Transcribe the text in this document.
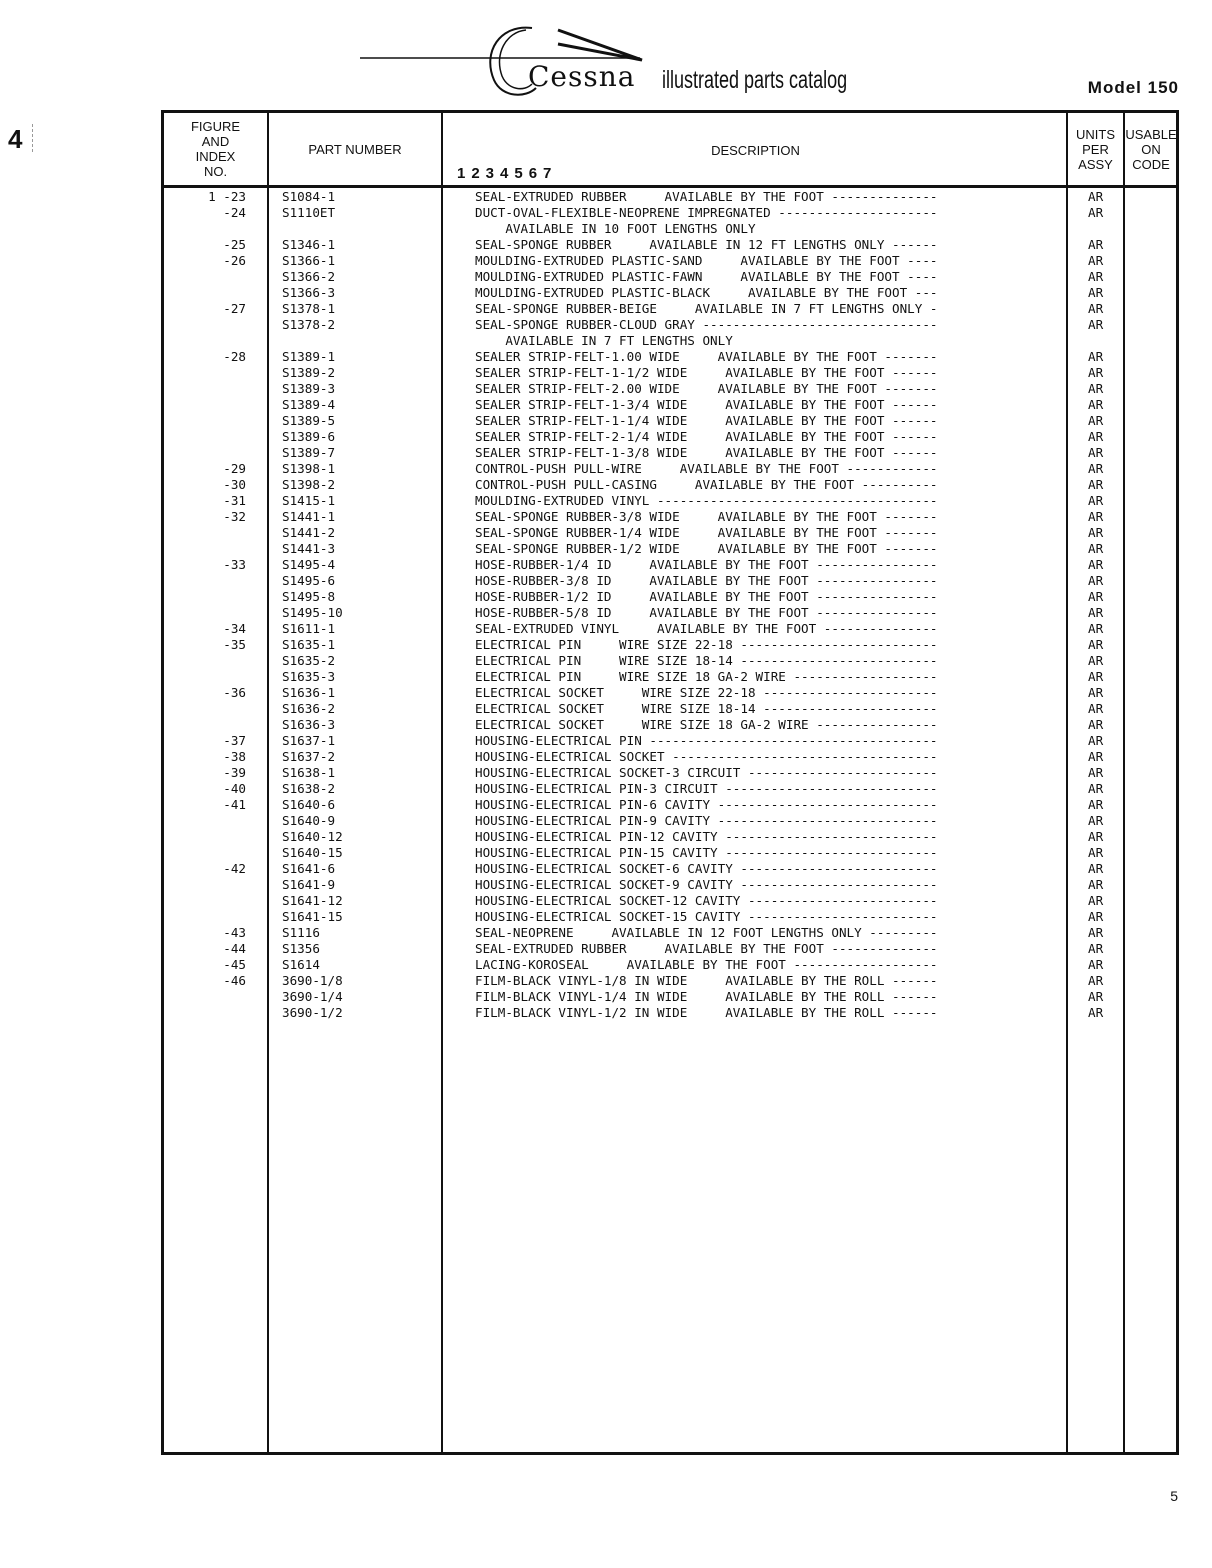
4
Cessna illustrated parts catalog	Model 150
FIGURE
AND
INDEX
NO.
PART NUMBER	DESCRIPTION
1234567
UNITS
PER
ASSY
USABLE
ON
CODE
1 -23	S1084-1	SEAL-EXTRUDED RUBBER     AVAILABLE BY THE FOOT --------------	AR
-24	S1110ET	DUCT-OVAL-FLEXIBLE-NEOPRENE IMPREGNATED ---------------------	AR
AVAILABLE IN 10 FOOT LENGTHS ONLY
-25	S1346-1	SEAL-SPONGE RUBBER     AVAILABLE IN 12 FT LENGTHS ONLY ------	AR
-26	S1366-1	MOULDING-EXTRUDED PLASTIC-SAND     AVAILABLE BY THE FOOT ----	AR
S1366-2	MOULDING-EXTRUDED PLASTIC-FAWN     AVAILABLE BY THE FOOT ----	AR
S1366-3	MOULDING-EXTRUDED PLASTIC-BLACK     AVAILABLE BY THE FOOT ---	AR
-27	S1378-1	SEAL-SPONGE RUBBER-BEIGE     AVAILABLE IN 7 FT LENGTHS ONLY -	AR
S1378-2	SEAL-SPONGE RUBBER-CLOUD GRAY -------------------------------	AR
AVAILABLE IN 7 FT LENGTHS ONLY
-28	S1389-1	SEALER STRIP-FELT-1.00 WIDE     AVAILABLE BY THE FOOT -------	AR
S1389-2	SEALER STRIP-FELT-1-1/2 WIDE     AVAILABLE BY THE FOOT ------	AR
S1389-3	SEALER STRIP-FELT-2.00 WIDE     AVAILABLE BY THE FOOT -------	AR
S1389-4	SEALER STRIP-FELT-1-3/4 WIDE     AVAILABLE BY THE FOOT ------	AR
S1389-5	SEALER STRIP-FELT-1-1/4 WIDE     AVAILABLE BY THE FOOT ------	AR
S1389-6	SEALER STRIP-FELT-2-1/4 WIDE     AVAILABLE BY THE FOOT ------	AR
S1389-7	SEALER STRIP-FELT-1-3/8 WIDE     AVAILABLE BY THE FOOT ------	AR
-29	S1398-1	CONTROL-PUSH PULL-WIRE     AVAILABLE BY THE FOOT ------------	AR
-30	S1398-2	CONTROL-PUSH PULL-CASING     AVAILABLE BY THE FOOT ----------	AR
-31	S1415-1	MOULDING-EXTRUDED VINYL -------------------------------------	AR
-32	S1441-1	SEAL-SPONGE RUBBER-3/8 WIDE     AVAILABLE BY THE FOOT -------	AR
S1441-2	SEAL-SPONGE RUBBER-1/4 WIDE     AVAILABLE BY THE FOOT -------	AR
S1441-3	SEAL-SPONGE RUBBER-1/2 WIDE     AVAILABLE BY THE FOOT -------	AR
-33	S1495-4	HOSE-RUBBER-1/4 ID     AVAILABLE BY THE FOOT ----------------	AR
S1495-6	HOSE-RUBBER-3/8 ID     AVAILABLE BY THE FOOT ----------------	AR
S1495-8	HOSE-RUBBER-1/2 ID     AVAILABLE BY THE FOOT ----------------	AR
S1495-10	HOSE-RUBBER-5/8 ID     AVAILABLE BY THE FOOT ----------------	AR
-34	S1611-1	SEAL-EXTRUDED VINYL     AVAILABLE BY THE FOOT ---------------	AR
-35	S1635-1	ELECTRICAL PIN     WIRE SIZE 22-18 --------------------------	AR
S1635-2	ELECTRICAL PIN     WIRE SIZE 18-14 --------------------------	AR
S1635-3	ELECTRICAL PIN     WIRE SIZE 18 GA-2 WIRE -------------------	AR
-36	S1636-1	ELECTRICAL SOCKET     WIRE SIZE 22-18 -----------------------	AR
S1636-2	ELECTRICAL SOCKET     WIRE SIZE 18-14 -----------------------	AR
S1636-3	ELECTRICAL SOCKET     WIRE SIZE 18 GA-2 WIRE ----------------	AR
-37	S1637-1	HOUSING-ELECTRICAL PIN --------------------------------------	AR
-38	S1637-2	HOUSING-ELECTRICAL SOCKET -----------------------------------	AR
-39	S1638-1	HOUSING-ELECTRICAL SOCKET-3 CIRCUIT -------------------------	AR
-40	S1638-2	HOUSING-ELECTRICAL PIN-3 CIRCUIT ----------------------------	AR
-41	S1640-6	HOUSING-ELECTRICAL PIN-6 CAVITY -----------------------------	AR
S1640-9	HOUSING-ELECTRICAL PIN-9 CAVITY -----------------------------	AR
S1640-12	HOUSING-ELECTRICAL PIN-12 CAVITY ----------------------------	AR
S1640-15	HOUSING-ELECTRICAL PIN-15 CAVITY ----------------------------	AR
-42	S1641-6	HOUSING-ELECTRICAL SOCKET-6 CAVITY --------------------------	AR
S1641-9	HOUSING-ELECTRICAL SOCKET-9 CAVITY --------------------------	AR
S1641-12	HOUSING-ELECTRICAL SOCKET-12 CAVITY -------------------------	AR
S1641-15	HOUSING-ELECTRICAL SOCKET-15 CAVITY -------------------------	AR
-43	S1116	SEAL-NEOPRENE     AVAILABLE IN 12 FOOT LENGTHS ONLY ---------	AR
-44	S1356	SEAL-EXTRUDED RUBBER     AVAILABLE BY THE FOOT --------------	AR
-45	S1614	LACING-KOROSEAL     AVAILABLE BY THE FOOT -------------------	AR
-46	3690-1/8	FILM-BLACK VINYL-1/8 IN WIDE     AVAILABLE BY THE ROLL ------	AR
3690-1/4	FILM-BLACK VINYL-1/4 IN WIDE     AVAILABLE BY THE ROLL ------	AR
3690-1/2	FILM-BLACK VINYL-1/2 IN WIDE     AVAILABLE BY THE ROLL ------	AR
5
